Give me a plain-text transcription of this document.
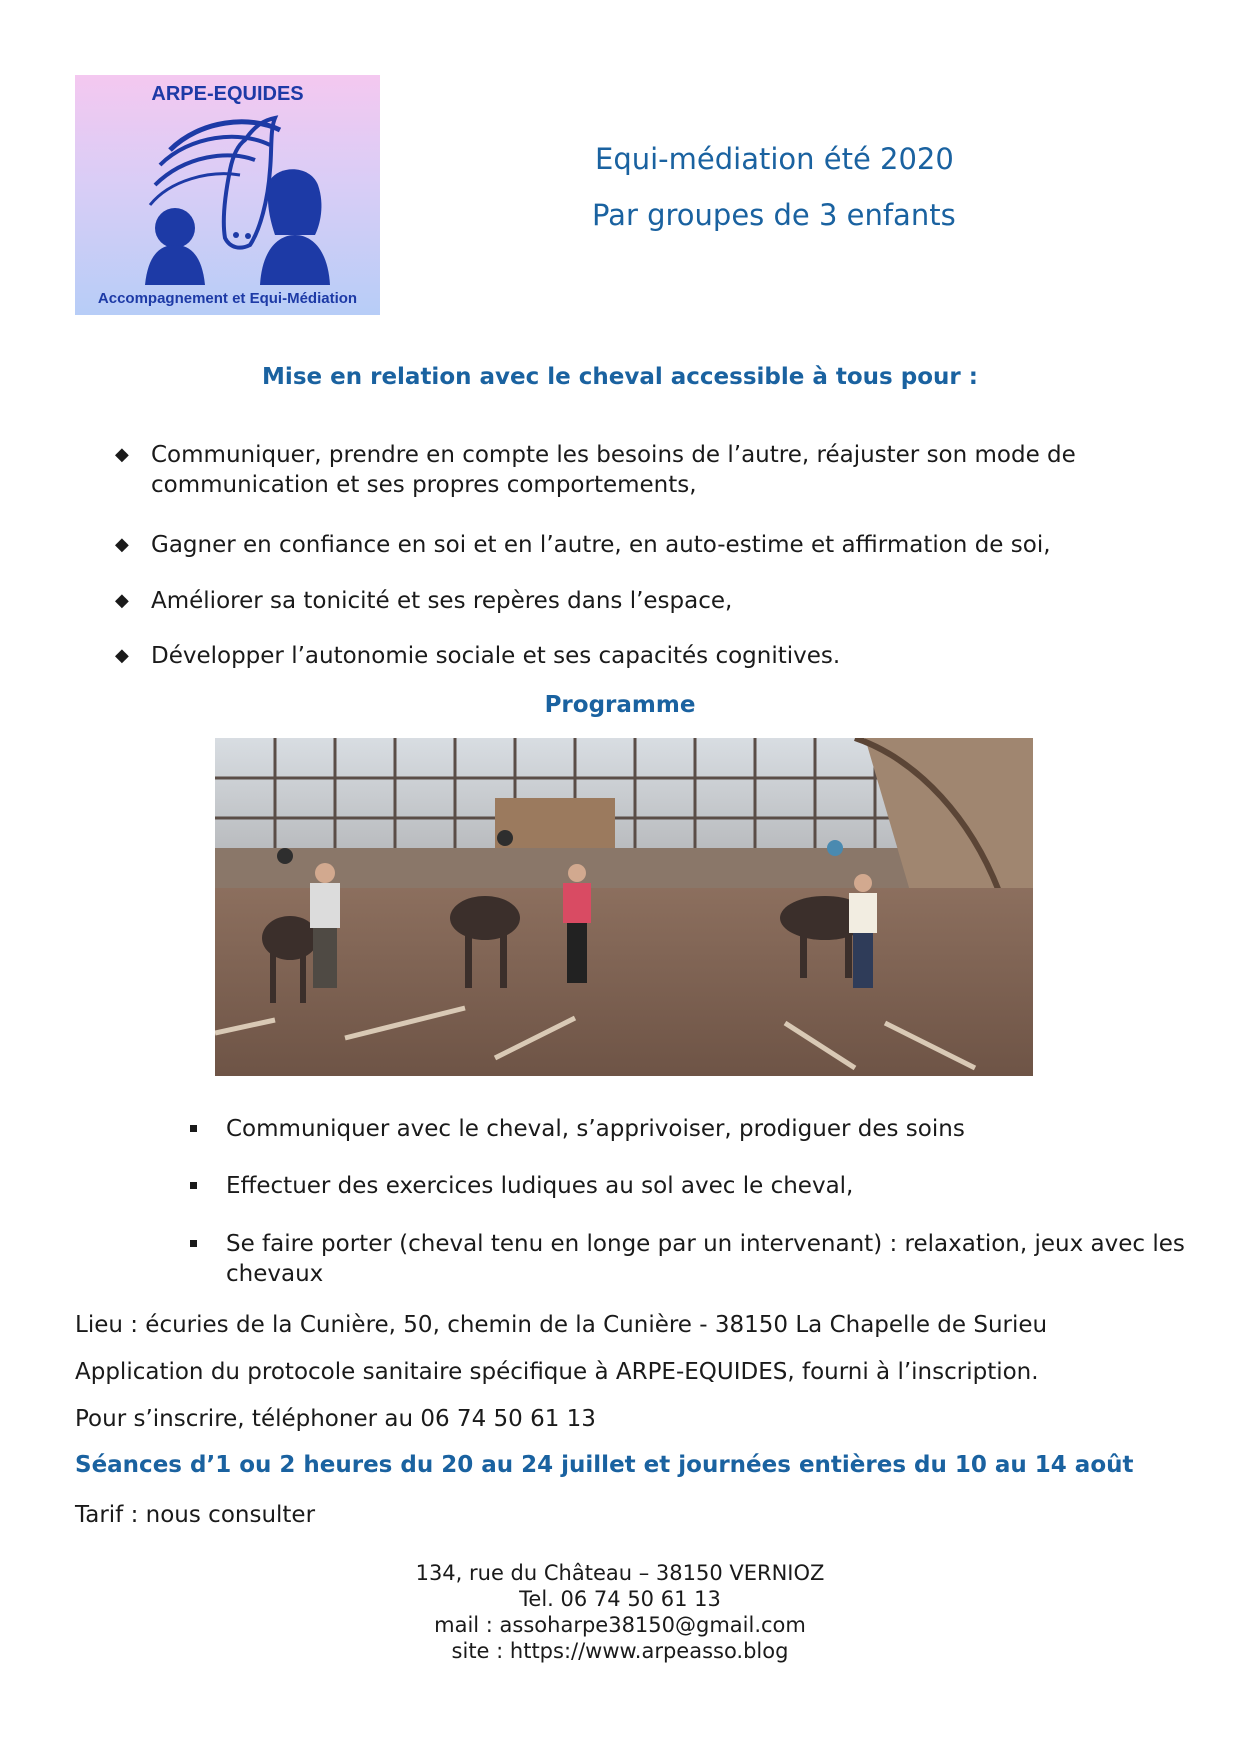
ARPE-EQUIDES
Accompagnement et Equi-Médiation
Equi-médiation été 2020
Par groupes de 3 enfants
Mise en relation avec le cheval accessible à tous pour :
◆ Communiquer, prendre en compte les besoins de l’autre, réajuster son mode de communication et ses propres comportements,
◆ Gagner en confiance en soi et en l’autre, en auto-estime et affirmation de soi,
◆ Améliorer sa tonicité et ses repères dans l’espace,
◆ Développer l’autonomie sociale et ses capacités cognitives.
Programme
Communiquer avec le cheval, s’apprivoiser, prodiguer des soins
Effectuer des exercices ludiques au sol avec le cheval,
Se faire porter (cheval tenu en longe par un intervenant) : relaxation, jeux avec les chevaux
Lieu : écuries de la Cunière, 50, chemin de la Cunière - 38150 La Chapelle de Surieu
Application du protocole sanitaire spécifique à ARPE-EQUIDES, fourni à l’inscription.
Pour s’inscrire, téléphoner au 06 74 50 61 13
Séances d’1 ou 2 heures du 20 au 24 juillet et journées entières du 10 au 14 août
Tarif : nous consulter
134, rue du Château – 38150 VERNIOZ
Tel. 06 74 50 61 13
mail : assoharpe38150@gmail.com
site : https://www.arpeasso.blog
